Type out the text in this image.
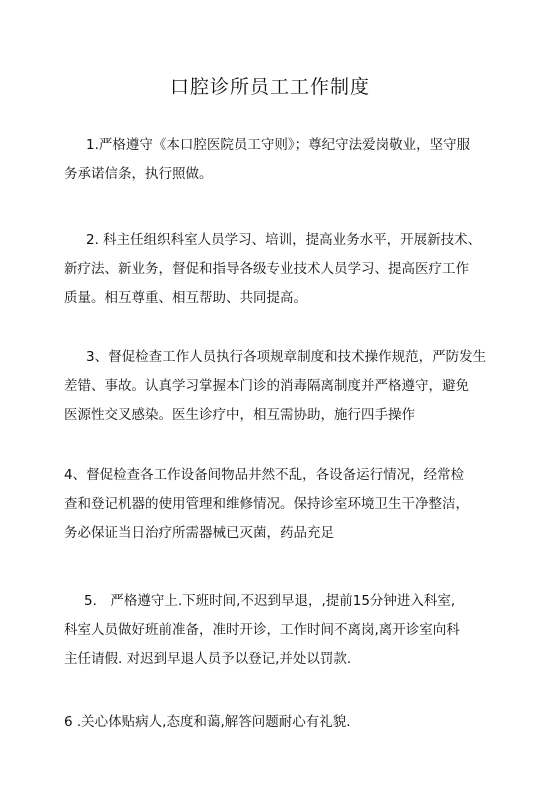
口腔诊所员工工作制度
1.严格遵守《本口腔医院员工守则》；尊纪守法爱岗敬业，坚守服
务承诺信条，执行照做。
2. 科主任组织科室人员学习、培训，提高业务水平，开展新技术、
新疗法、新业务，督促和指导各级专业技术人员学习、提高医疗工作
质量。相互尊重、相互帮助、共同提高。
3、督促检查工作人员执行各项规章制度和技术操作规范，严防发生
差错、事故。认真学习掌握本门诊的消毒隔离制度并严格遵守，避免
医源性交叉感染。医生诊疗中，相互需协助，施行四手操作
4、督促检查各工作设备间物品井然不乱，各设备运行情况，经常检
查和登记机器的使用管理和维修情况。保持诊室环境卫生干净整洁，
务必保证当日治疗所需器械已灭菌，药品充足
5． 严格遵守上.下班时间,不迟到早退，,提前15分钟进入科室,
科室人员做好班前准备，准时开诊，工作时间不离岗,离开诊室向科
主任请假. 对迟到早退人员予以登记,并处以罚款.
6 .关心体贴病人,态度和蔼,解答问题耐心有礼貌.
